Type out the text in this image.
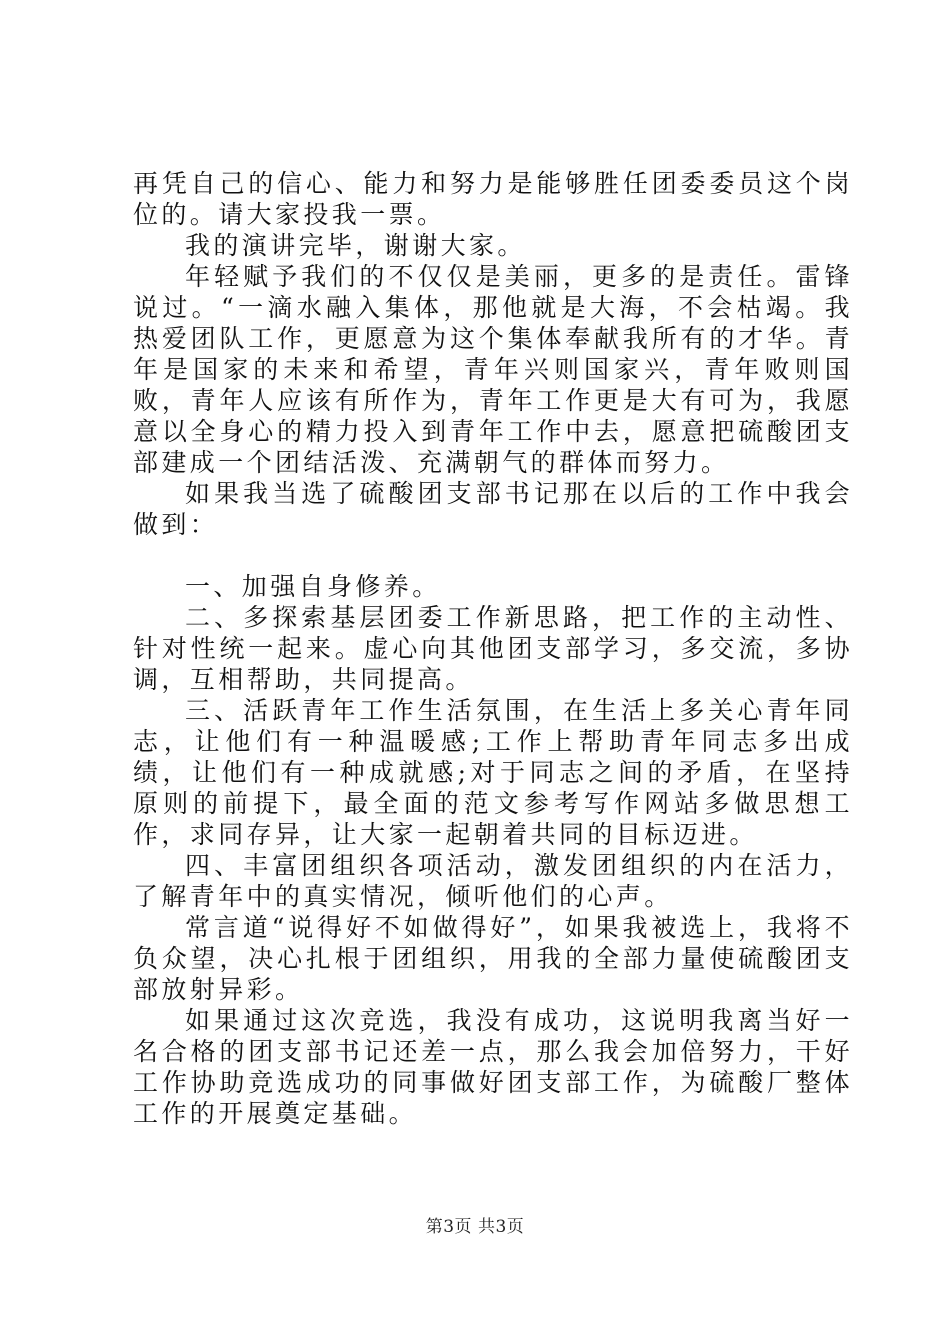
再凭自己的信心、能力和努力是能够胜任团委委员这个岗位的。请大家投我一票。

我的演讲完毕，谢谢大家。

年轻赋予我们的不仅仅是美丽，更多的是责任。雷锋说过。“一滴水融入集体，那他就是大海，不会枯竭。我热爱团队工作，更愿意为这个集体奉献我所有的才华。青年是国家的未来和希望，青年兴则国家兴，青年败则国败，青年人应该有所作为，青年工作更是大有可为，我愿意以全身心的精力投入到青年工作中去，愿意把硫酸团支部建成一个团结活泼、充满朝气的群体而努力。

如果我当选了硫酸团支部书记那在以后的工作中我会做到：

一、加强自身修养。

二、多探索基层团委工作新思路，把工作的主动性、针对性统一起来。虚心向其他团支部学习，多交流，多协调，互相帮助，共同提高。

三、活跃青年工作生活氛围，在生活上多关心青年同志，让他们有一种温暖感;工作上帮助青年同志多出成绩，让他们有一种成就感;对于同志之间的矛盾，在坚持原则的前提下，最全面的范文参考写作网站多做思想工作，求同存异，让大家一起朝着共同的目标迈进。

四、丰富团组织各项活动，激发团组织的内在活力，了解青年中的真实情况，倾听他们的心声。

常言道“说得好不如做得好”，如果我被选上，我将不负众望，决心扎根于团组织，用我的全部力量使硫酸团支部放射异彩。

如果通过这次竞选，我没有成功，这说明我离当好一名合格的团支部书记还差一点，那么我会加倍努力，干好工作协助竞选成功的同事做好团支部工作，为硫酸厂整体工作的开展奠定基础。

第3页 共3页
